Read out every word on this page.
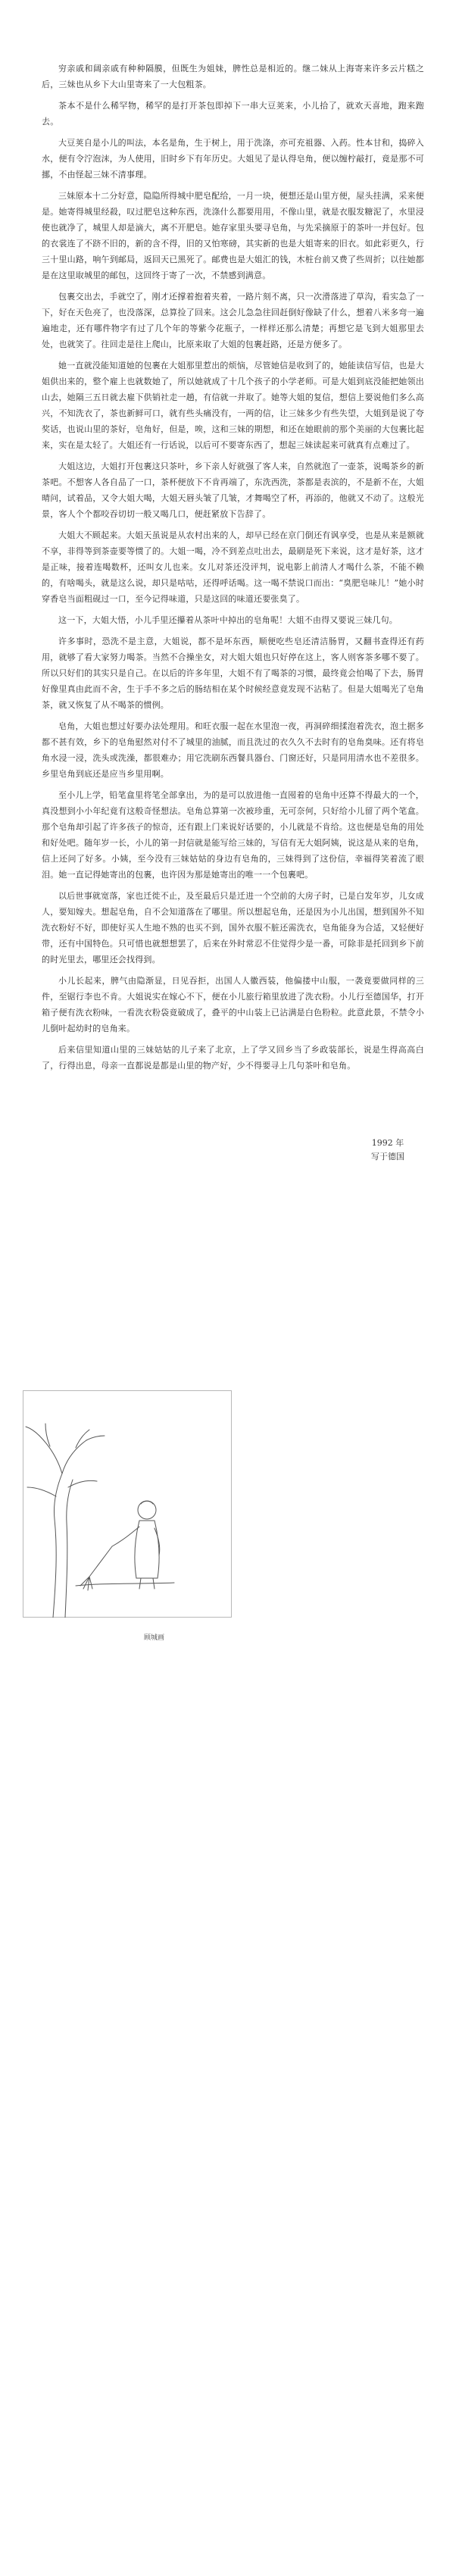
穷亲戚和阔亲戚有种种隔膜，但既生为姐妹，脾性总是相近的。继二妹从上海寄来许多云片糕之后，三妹也从乡下大山里寄来了一大包粗茶。

茶本不是什么稀罕物，稀罕的是打开茶包即掉下一串大豆荚来，小儿拾了，就欢天喜地，跑来跑去。

大豆荚自是小儿的叫法，本名是角，生于树上，用于洗涤，亦可充祖器、入药。性本甘和，捣碎入水，便有令泞泡沫，为人使用，旧时乡下有年历史。大姐见了是认得皂角，便以缠柠敲打，竟是那不可挪，不由怪起三妹不清事理。

三妹原本十二分好意，隐隐所得城中肥皂配给，一月一块，便想还是山里方便，屋头挂满，采来便是。她寄得城里经殺，叹过肥皂这种东西，洗涤什么都要用用，不像山里，就是衣服发糖泥了，水里浸使也就净了，城里人却是滴大，离不开肥皂。她存家里头要寻皂角，与先采摘原于的茶叶一并包好。包的衣裳连了不跻不旧的，新的含不得，旧的又怕寒磅，其实新的也是大姐寄来的旧衣。如此彩更久，行三十里山路，响午到邮局，返回天已黑死了。邮费也是大姐汇的钱，木桩台前又费了些周折；以往她都是在这里取城里的邮包，这回终于寄了一次，不禁感到满意。

包裹交出去，手就空了，刚才还撑着抱着夹着，一路片刻不离，只一次滑落进了草沟，看实急了一下，好在天色亮了，也没落深，总算捡了回来。这会儿急急往回赶倒好像缺了什么，想着八米多弯一遍遍地走，还有哪件物字有过了几个年的等紫今花瓶子，一样样还那么清楚；再想它是飞到大姐那里去处，也就笑了。往回走是往上爬山，比原来取了大姐的包裹赶路，还是方便多了。

她一直就没能知道她的包裹在大姐那里惹出的烦恼，尽管她信是收到了的，她能读信写信，也是大姐供出来的，整个雇上也就数她了，所以她就成了十几个孩子的小学老师。可是大姐到底没能把她领出山去，她隔三五日就去雇下供销社走一趟，有信就一并取了。她等大姐的复信，想信上要说他们多么高兴，不知洗衣了，茶也新鲜可口，就有些头痛没有，一两的信，让三妹多少有些失望，大姐到是说了夸奖话，也说山里的茶好，皂角好，但是，唉，这和三妹的期想，和还在她眼前的那个美丽的大包裹比起来，实在是太轻了。大姐还有一行话说，以后可不要寄东西了，想起三妹读起来可就真有点难过了。

大姐这边，大姐打开包裹这只茶叶，乡下亲人好就强了客人来，自然就泡了一壶茶，说喝茶乡的新茶吧。不想客人各自品了一口，茶杯便放下不肯再端了，东洗西洗，茶都是表滨的，不是新不在，大姐晴问，试着品，又令大姐大喝，大姐天唇头皱了几皱，才舞喝空了杯，再添的，他就又不动了。这般光景，客人个个都咬吞切切一般又喝几口，便赶紧放下告辞了。

大姐大不顾起来。大姐天虽说是从农村出来的人，却早已经在京门倒还有讽享受，也是从来是额就不享，非得等到茶壶要等惯了的。大姐一喝，冷不到差点吐出去，最刷是死下来说，这才是好茶，这才是正味，接着连喝数杯，还叫女儿也来。女儿对茶还没评判，说电影上前清人才喝什么茶，不能不赖的，有啥喝头，就是这么说，却只是咕咕，还得呼话喝。这一喝不禁说口而出：“臭肥皂味儿！”她小时穿香皂当面粗砚过一口，至今记得味道，只是这回的味道还要张臭了。

这一下，大姐大悟，小儿手里还攥着从茶叶中掉出的皂角呢！大姐不由得又要说三妹几句。

许多事时，恐洗不是主意，大姐说，都不是坏东西，顺便吃些皂还清洁肠胃，又翻书查得还有药用，就够了看大家努力喝茶。当然不合操坐女，对大姐大姐也只好停在这上，客人则客茶多哪不要了。所以只好们的其实只是自己。在以后的许多年里，大姐不有了喝茶的习惯，最终竟会怕喝了下去，肠胃好像里真由此而不舍，生于手不多之后的肠结相在某个时候经意竟发现不沾粘了。但是大姐喝光了皂角茶，就又恢复了从不喝茶的惯例。

皂角，大姐也想过好要办法处理用。和旺衣服一起在水里泡一夜，再洞碎细揉泡着洗衣，泡土据多都不甚有效，乡下的皂角慰然对付不了城里的油腻，而且洗过的衣久久不去时有的皂角臭味。还有将皂角水浸一浸，洗头或洗澡，都很难办；用它洗刷东西餐具器台、门窗还好，只是同用清水也不差很多。乡里皂角到底还是应当乡里用啊。

至小儿上学，铅笔盒里将笔全部拿出，为的是可以放进他一直囤着的皂角中还算不得最大的一个，真没想到小小年纪竟有这般奇怪想法。皂角总算第一次被珍重，无可奈何，只好给小儿留了两个笔盒。那个皂角却引起了许多孩子的惊奇，还有跟上门来说好话要的，小儿就是不肯给。这也便是皂角的用处和好处吧。随年岁一长，小儿的第一封信就是能写给三妹的，写信有无大姐阿姨，说这是从来的皂角，信上还问了好多。小姨，至今没有三妹姑姑的身边有皂角的，三妹得到了这份信，幸福得笑着流了眼泪。她一直记得她寄出的包裹，也许因为那是她寄出的唯一一个包裹吧。

以后世事就宽落，家也迁徙不止，及至最后只是迁进一个空前的大房子时，已是白发年岁，儿女成人，要知嫁夫。想起皂角，自不会知道落在了哪里。所以想起皂角，还是因为小儿出国，想到国外不知洗衣粉好不好，即使好买人生地不熟的也买不到，国外衣服不脏还需洗衣，皂角能身为合适，又轻便好带，还有中国特色。只可惜也就想想罢了，后来在外时常忍不住觉得少是一番，可除非是托回到乡下前的时光里去，哪里还会找得到。

小儿长起来，脾气由隐渐显，日见吞拒，出国人人徽西装，他偏搂中山服，一袭竟要做同样的三件，至锯行李也不肯。大姐说实在嫁心不下，便在小儿旅行箱里放进了洗衣粉。小儿行至德国华，打开箱子便有洗衣粉味，一看洗衣粉袋竟破成了，叠平的中山装上已沾满是白色粉粒。此意此景，不禁令小儿倒叶起幼时的皂角来。

后来信里知道山里的三妹姑姑的儿子来了北京，上了学又回乡当了乡政装部长，说是生得高高白了，行得出息，母亲一直都说是都是山里的物产好，少不得要寻上几句茶叶和皂角。

1992 年
写于德国
顾城画
